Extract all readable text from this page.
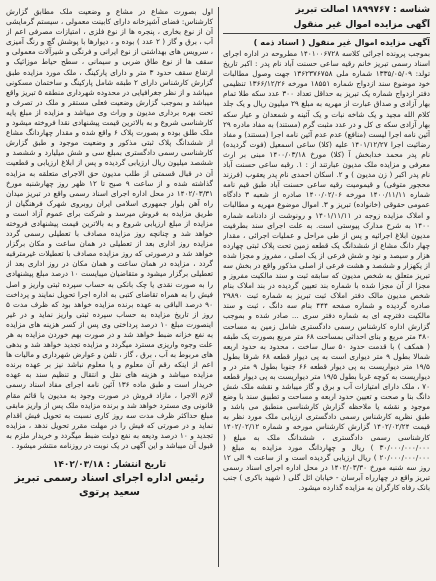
شناسه : ۱۸۹۹۷۶۷ اصالت تبریز
آگهی مزایده اموال غیر منقول
آگهی مزایده اموال غیر منقول ( اسناد ذمه )

بموجب پرونده اجرائی کلاسه ۱۴۰۱۰۰۶۷۲۸ مطروحه در اداره اجرای اسناد رسمی تبریز خانم رقیه ساعی حسنت آباد نام پدر : اکبر تاریخ تولد: ۱۳۳۵/۰۵/۰۹ شماره ملی ۱۳۶۲۳۷۶۷۵۸ جهت وصول مطالبات خود موضوع سند ازدواج شماره ۱۸۵۵۱ مورخه ۱۳۶۶/۱۲/۲۶ تنظیمی دفتر ازدواج شماره یک تبریز به حداقل تعداد ۳۰۰ عدد سکه طلا تمام بهار آزادی و صداق عبارت از مهریه به مبلغ ۲۹ میلیون ریال و یک جلد کلام الله مجید و یک شاخه نبات و یک آئینه و شمعدان و عیار سکه بهار آزادی سکه ی کل و در عدد مثبت گرم (مستند) به مفاد مادره ۲۹ آئین نامه اجرا لیست (منافع) عدم عدم آئین نامه اجرا (مستند) و مفاد رضائیت اجرا ۱۴۰۱/۱۲/۲۷ علیه (کلا) ساعی اسمعیل (فوت گردیده) نام پدر محمد خدابخش آ (کلا) مورخ ۱۴۰۰/۰۳/۱۸ مبنی بر ارث معرفی و مزایده ملک مدیون عبارتند از : ۱. رقبه ساعی حسنت آباد نام پدر اکبر ( زن مدیون ) و ۲. اسکان احمدی نام پدر یعقوب (فرزند محجور متوفی) و قیمومیت رقیه ساعی حسنت آباد طبق قیم نامه شماره ۱۴۰۰/۱۱/۱۱ مورخه ۱۴۰۰/۰۲/۰۶ صادره از شعبه ۳ دادگاه عمومی حقوقی (خانواده) تبریز و ۳. اموال موضوع مهریه و مطالبات و املاک مزایده زوجه در ۱۴۰۱/۱۱/۱۱ و رونوشت از دادنامه شماره ۱۴۰۰ به شرح مدارک پیوستی است. به علت اجرای سند بطرفیت مدیون ابلاغ اجرائیه و پس از طی مراحل و عملیات اجرائی ، مقدار چهار دانگ مشاع از ششدانگ یک قطعه زمین تحت پلاک ثبتی چهارده هزار و سیصد و نود و شش فرعی از یک اصلی ، مفروز و مجزا شده از یکهزار و ششصد و هشت فرعی از اصلی مذکور واقع در بخش سه تبریز متعلق به شخص مدیون که سابقه ثبت و سند مالکیت مفروز و مجزا از آن مجزا شده با شماره بند تعیین گردیده در بند املاک بنام شخص مدیون مالک دفتر املاک ثبت تبریز به شماره ثبت ۲۹۸۹۰ صادره گردیده و شماره صفحه ۴۴۴ بنام سه دانگ ، ثبت و سند مالکیت دفترچه ای به شماره دفتر سری ... صادر شده و بموجب گزارش اداره کارشناس رسمی دادگستری شامل زمین به مساحت ۴۸۰ متر مربع و بنای احداثی بمساحت ۶۸ متر مربع بصورت یک طبقه ( همکف ) با قدمت حدود ۵۰ سال ساخت ، محدود به حدود اربعه شمالا بطول ۹ متر دیواری است به پی دیوار قطعه ۶۸ شرقا بطول ۱۹/۵ متر دیواریست به پی دیوار قطعه ۶۶ جنوبا بطول ۹ متر در و دیواریست به کوچه غربا بطول ۱۹/۵ متر دیواریست به پی دیوار قطعه ۷۰ ، ملک دارای امتیازات آب و برق و گاز میباشد و نقشه ملک شش دانگ بنا و صحت و تعیین حدود اربعه و مساحت و تطبیق سند با وضع موجود و نقشه یا ملاحظه گزارش کارشناسی منطبق می باشد و طبق نظریه کارشناس رسمی دادگستری ارزیابی ملک مورد نظر به قیمت ۱۴۰۲/۰۲/۲۴ گزارش کارشناس مورخه و شماره ۱۴۰۲/۰۲/۱۲ کارشناسی رسمی دادگستری ، ششدانگ ملک به مبلغ ( ۳۰/۰۰۰/۰۰۰/۰۰۰ ) ریال و چهاردانگ مورد مزایده به مبلغ ( ۲۰/۰۰۰/۰۰۰/۰۰۰ ) ریال ارزیابی گردیده است و از ساعت ۹ الی ۱۲ روز سه شنبه مورخ ۱۴۰۲/۰۳/۳۰ در محل اداره اجرای اسناد رسمی تبریز واقع در چهارراه آبرسان - خیابان ائل گلی ( شهید باکری ) جنب بانک رفاه کارگران به مزایده گذارده میشود.

اول بصورت مشاع در مشاع و وضعیت ملک مطابق گزارش کارشناس: فضای آشپزخانه دارای کابینت معمولی ، سیستم گرمایشی آن از نوع بخاری ، پنجره ها از نوع فلزی ، امتیازات مصرفی اعم از آب ، برق و گاز ( ۲ عدد ) بوده و ، دیوارها با پوشش گچ و رنگ آمیزی ، سرویس های بهداشتی از نوع ایرانی و فرنگی و شیرآلات معمولی و سقف ها از نوع طاق ضربی و سیمانی ، سطح حیاط موزائیک و ارتفاع سقف حدود ۳ متر و دارای پارکینگ ، ملک مورد مزایده طبق گزارش کارشناس دارای ۲ طبقه شامل پارکینگ و ساختمان مسکونی میباشد و از نظر جغرافیایی در محدوده شهرداری منطقه ۵ تبریز واقع میباشد و بموجب گزارش وضعیت فعلی مستقر و ملک در تصرف و تحت بهره برداری مدیون و وراث وی میباشد و مزایده از مبلغ پایه کارشناسی شروع و به بالاترین قیمت پیشنهادی نقدا فروخته میشود و ملک طلق بوده و بصورت پلاک ۶ واقع شده و مقدار چهاردانگ مشاع از ششدانگ پلاک ثبتی مذکور و وضعیت موجود و طبق گزارش کارشناسی رسمی دادگستری بمبلغ سی و شش میلیارد و ششصد و ششصد میلیون ریال ارزیابی گردیده و پس از ابلاغ ارزیابی و قطعیت آن در قبال قسمتی از طلب مدیون حق الاجرای متعلقه به مزایده گذاشته شده و از ساعت ۹ صبح تا ۱۲ ظهر روز چهارشنبه مورخ ۱۴۰۲/۰۳/۳۱ در محل اداره اجرای اسناد رسمی واقع در تبریز میدان راه آهن بلوار جمهوری اسلامی ایران روبروی شهرک فرهنگیان از طریق مزایده به فروش میرسد و شرکت برای عموم آزاد است و مزایده از مبلغ ارزیابی شروع و به بالاترین قیمت پیشنهادی فروخته خواهد شد و چنانچه روز مزایده مصادف با تعطیلی رسمی گردد مزایده روز اداری بعد از تعطیلی در همان ساعت و مکان برگزار خواهد شد و درصورتی که روز مزایده مصادف با تعطیلات غیرمترقبه گردد ، مزایده در همان ساعت و همان مکان در روز اداری بعد از تعطیلی برگزار میشود و متقاضیان میبایست ۱۰ درصد مبلغ پیشنهادی را به صورت نقدی یا چک بانکی به حساب سپرده ثبتی واریز و اصل فیش را به همراه تقاضای کتبی به اداره اجرا تحویل نمایند و پرداخت ۹۰ درصد الباقی به عهده برنده مزایده خواهد بود که ظرف مدت ۵ روز از تاریخ مزایده به حساب سپرده ثبتی واریز نماید و در غیر اینصورت مبلغ ۱۰ درصد پرداختی وی پس از کسر هزینه های مزایده به نفع خزانه ضبط خواهد شد و در صورت بهم خوردن مزایده به هر علت وجوه واریزی مسترد میگردد و مزایده تجدید خواهد شد و بدهی های مربوط به آب ، برق ، گاز ، تلفن و عوارض شهرداری و مالیات ها اعم از اینکه رقم آن معلوم و یا معلوم نباشد نیز بر عهده برنده مزایده میباشد و هزینه های نقل و انتقال و تنظیم سند به عهده خریدار است و طبق ماده ۱۳۶ آئین نامه اجرای مفاد اسناد رسمی لازم الاجرا ، مازاد فروش در صورت وجود به مدیون یا قائم مقام قانونی وی مسترد خواهد شد و برنده مزایده ملک پس از واریز مابقی مبلغ حداکثر ظرف مدت سه روز کاری نسبت به تحویل فیش اقدام نماید و در صورتی که فیش را در مهلت مقرر تحویل ندهد ، مزایده تجدید و ۱۰ درصد ودیعه به نفع دولت ضبط میگردد و خریدار ملزم به قبول آن میباشد و این آگهی در یک نوبت در روزنامه منتشر میشود .

تاریخ انتشار : ۱۴۰۲/۰۳/۱۸
رئیس اداره اجرای اسناد رسمی تبریز
سعید پرتوی
